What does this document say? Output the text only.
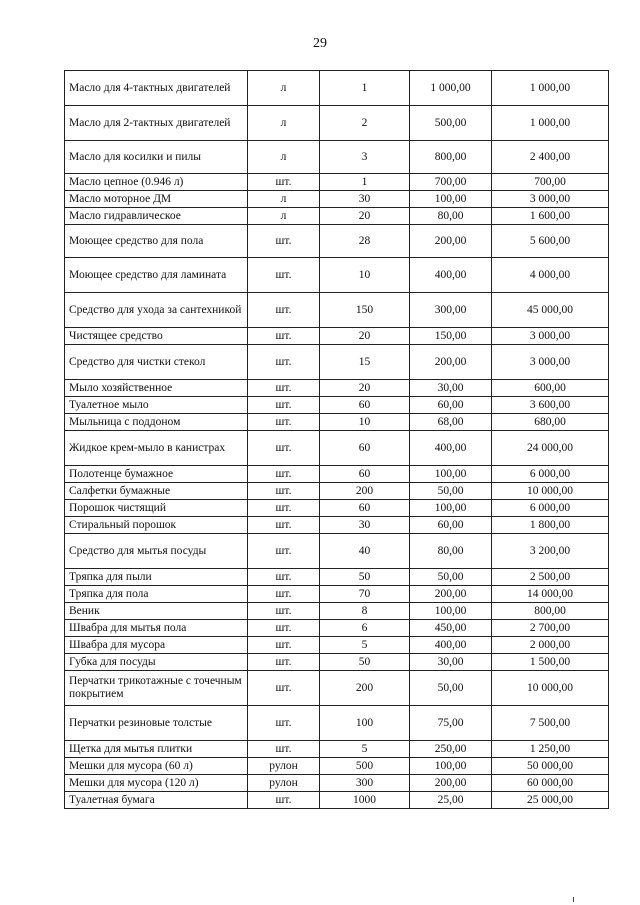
29
Масло для 4-тактных двигателей	л	1	1 000,00	1 000,00
Масло для 2-тактных двигателей	л	2	500,00	1 000,00
Масло для косилки и пилы	л	3	800,00	2 400,00
Масло цепное (0.946 л)	шт.	1	700,00	700,00
Масло моторное ДМ	л	30	100,00	3 000,00
Масло гидравлическое	л	20	80,00	1 600,00
Моющее средство для пола	шт.	28	200,00	5 600,00
Моющее средство для ламината	шт.	10	400,00	4 000,00
Средство для ухода за сантехникой	шт.	150	300,00	45 000,00
Чистящее средство	шт.	20	150,00	3 000,00
Средство для чистки стекол	шт.	15	200,00	3 000,00
Мыло хозяйственное	шт.	20	30,00	600,00
Туалетное мыло	шт.	60	60,00	3 600,00
Мыльница с поддоном	шт.	10	68,00	680,00
Жидкое крем-мыло в канистрах	шт.	60	400,00	24 000,00
Полотенце бумажное	шт.	60	100,00	6 000,00
Салфетки бумажные	шт.	200	50,00	10 000,00
Порошок чистящий	шт.	60	100,00	6 000,00
Стиральный порошок	шт.	30	60,00	1 800,00
Средство для мытья посуды	шт.	40	80,00	3 200,00
Тряпка для пыли	шт.	50	50,00	2 500,00
Тряпка для пола	шт.	70	200,00	14 000,00
Веник	шт.	8	100,00	800,00
Швабра для мытья пола	шт.	6	450,00	2 700,00
Швабра для мусора	шт.	5	400,00	2 000,00
Губка для посуды	шт.	50	30,00	1 500,00
Перчатки трикотажные с точечным покрытием	шт.	200	50,00	10 000,00
Перчатки резиновые толстые	шт.	100	75,00	7 500,00
Щетка для мытья плитки	шт.	5	250,00	1 250,00
Мешки для мусора (60 л)	рулон	500	100,00	50 000,00
Мешки для мусора (120 л)	рулон	300	200,00	60 000,00
Туалетная бумага	шт.	1000	25,00	25 000,00
